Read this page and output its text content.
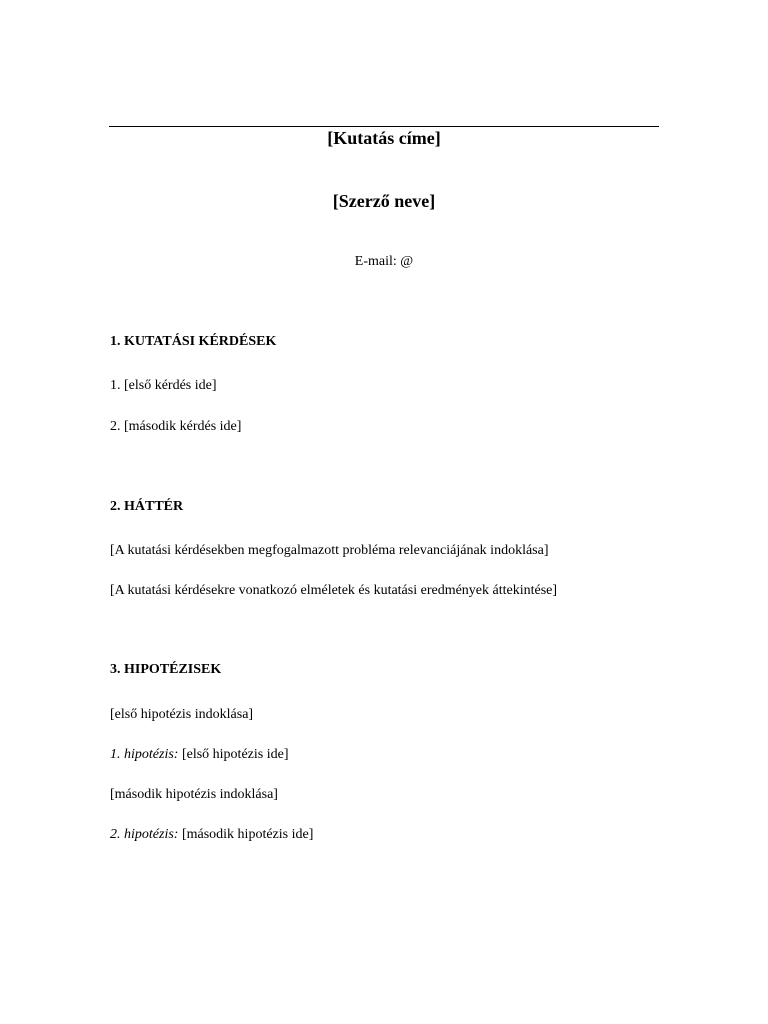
[Kutatás címe]
[Szerző neve]
E-mail: @
1. KUTATÁSI KÉRDÉSEK
1. [első kérdés ide]
2. [második kérdés ide]
2. HÁTTÉR
[A kutatási kérdésekben megfogalmazott probléma relevanciájának indoklása]
[A kutatási kérdésekre vonatkozó elméletek és kutatási eredmények áttekintése]
3. HIPOTÉZISEK
[első hipotézis indoklása]
1. hipotézis: [első hipotézis ide]
[második hipotézis indoklása]
2. hipotézis: [második hipotézis ide]
